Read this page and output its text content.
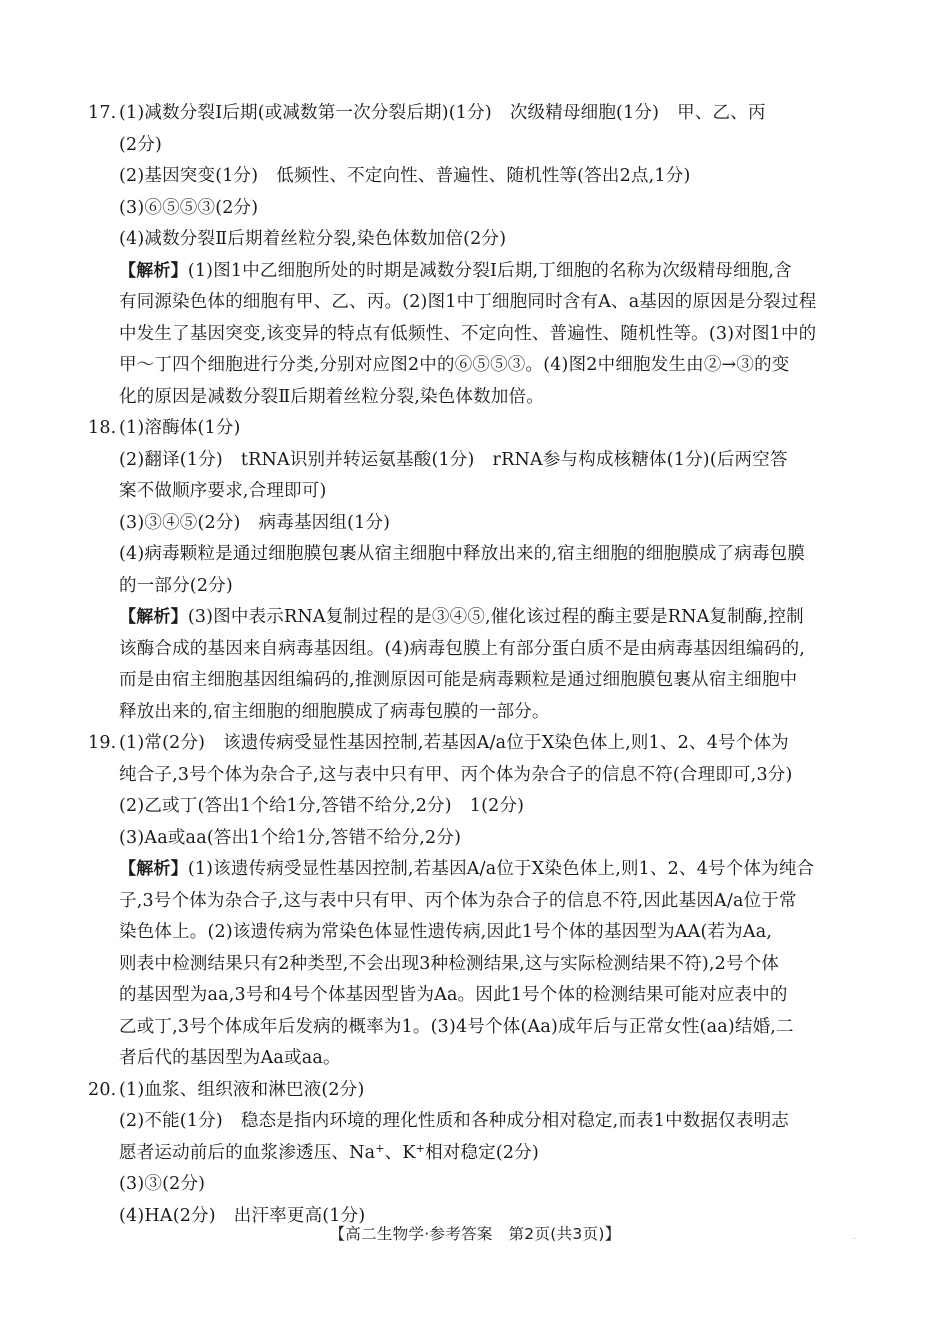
17. (1)减数分裂Ⅰ后期(或减数第一次分裂后期)(1分) 次级精母细胞(1分) 甲、乙、丙
(2分)
(2)基因突变(1分) 低频性、不定向性、普遍性、随机性等(答出2点,1分)
(3)⑥⑤⑤③(2分)
(4)减数分裂Ⅱ后期着丝粒分裂,染色体数加倍(2分)
【解析】(1)图1中乙细胞所处的时期是减数分裂Ⅰ后期,丁细胞的名称为次级精母细胞,含
有同源染色体的细胞有甲、乙、丙。(2)图1中丁细胞同时含有A、a基因的原因是分裂过程
中发生了基因突变,该变异的特点有低频性、不定向性、普遍性、随机性等。(3)对图1中的
甲～丁四个细胞进行分类,分别对应图2中的⑥⑤⑤③。(4)图2中细胞发生由②→③的变
化的原因是减数分裂Ⅱ后期着丝粒分裂,染色体数加倍。
18. (1)溶酶体(1分)
(2)翻译(1分) tRNA识别并转运氨基酸(1分) rRNA参与构成核糖体(1分)(后两空答
案不做顺序要求,合理即可)
(3)③④⑤(2分) 病毒基因组(1分)
(4)病毒颗粒是通过细胞膜包裹从宿主细胞中释放出来的,宿主细胞的细胞膜成了病毒包膜
的一部分(2分)
【解析】(3)图中表示RNA复制过程的是③④⑤,催化该过程的酶主要是RNA复制酶,控制
该酶合成的基因来自病毒基因组。(4)病毒包膜上有部分蛋白质不是由病毒基因组编码的,
而是由宿主细胞基因组编码的,推测原因可能是病毒颗粒是通过细胞膜包裹从宿主细胞中
释放出来的,宿主细胞的细胞膜成了病毒包膜的一部分。
19. (1)常(2分) 该遗传病受显性基因控制,若基因A/a位于X染色体上,则1、2、4号个体为
纯合子,3号个体为杂合子,这与表中只有甲、丙个体为杂合子的信息不符(合理即可,3分)
(2)乙或丁(答出1个给1分,答错不给分,2分) 1(2分)
(3)Aa或aa(答出1个给1分,答错不给分,2分)
【解析】(1)该遗传病受显性基因控制,若基因A/a位于X染色体上,则1、2、4号个体为纯合
子,3号个体为杂合子,这与表中只有甲、丙个体为杂合子的信息不符,因此基因A/a位于常
染色体上。(2)该遗传病为常染色体显性遗传病,因此1号个体的基因型为AA(若为Aa,
则表中检测结果只有2种类型,不会出现3种检测结果,这与实际检测结果不符),2号个体
的基因型为aa,3号和4号个体基因型皆为Aa。因此1号个体的检测结果可能对应表中的
乙或丁,3号个体成年后发病的概率为1。(3)4号个体(Aa)成年后与正常女性(aa)结婚,二
者后代的基因型为Aa或aa。
20. (1)血浆、组织液和淋巴液(2分)
(2)不能(1分) 稳态是指内环境的理化性质和各种成分相对稳定,而表1中数据仅表明志
愿者运动前后的血浆渗透压、Na+、K+相对稳定(2分)
(3)③(2分)
(4)HA(2分) 出汗率更高(1分)
【高二生物学·参考答案　第2页(共3页)】	..
